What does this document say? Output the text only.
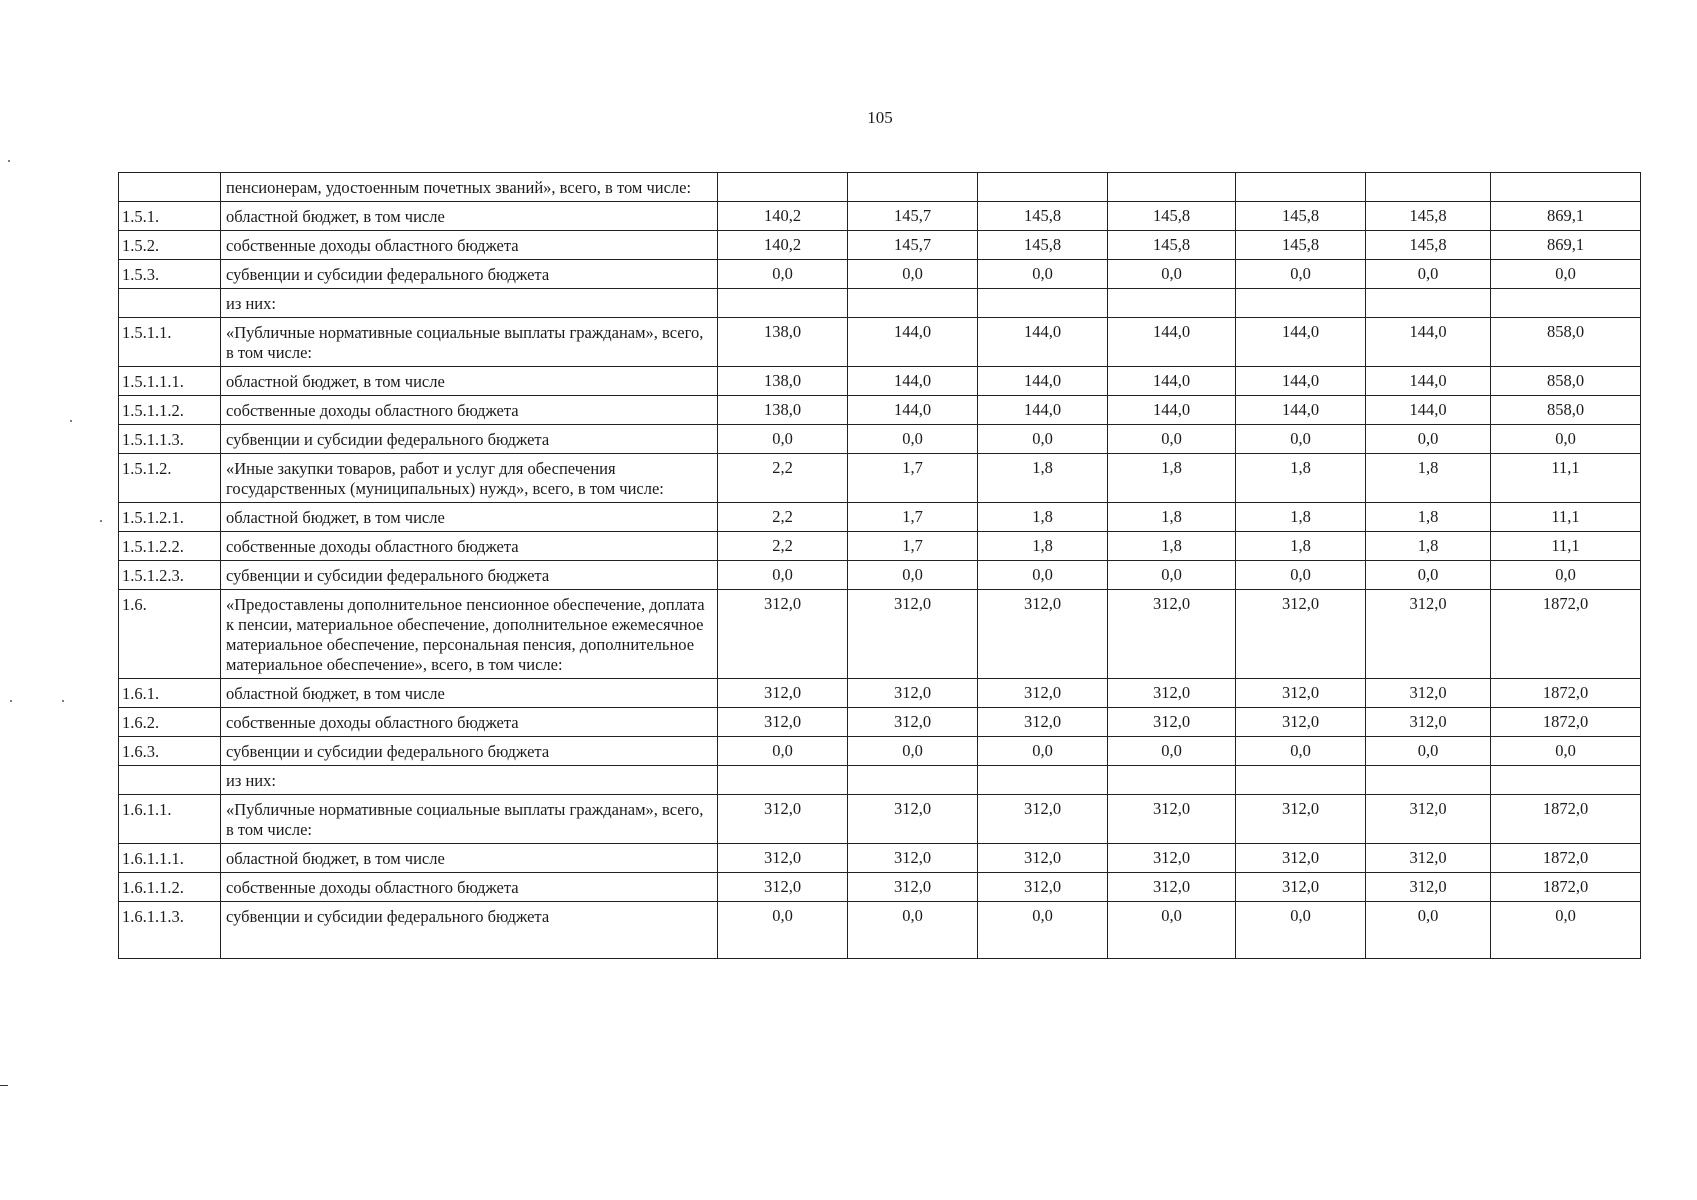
105
	пенсионерам, удостоенным почетных званий», всего, в том числе:							
1.5.1.	областной бюджет, в том числе	140,2	145,7	145,8	145,8	145,8	145,8	869,1
1.5.2.	собственные доходы областного бюджета	140,2	145,7	145,8	145,8	145,8	145,8	869,1
1.5.3.	субвенции и субсидии федерального бюджета	0,0	0,0	0,0	0,0	0,0	0,0	0,0
	из них:							
1.5.1.1.	«Публичные нормативные социальные выплаты гражданам», всего, в том числе:	138,0	144,0	144,0	144,0	144,0	144,0	858,0
1.5.1.1.1.	областной бюджет, в том числе	138,0	144,0	144,0	144,0	144,0	144,0	858,0
1.5.1.1.2.	собственные доходы областного бюджета	138,0	144,0	144,0	144,0	144,0	144,0	858,0
1.5.1.1.3.	субвенции и субсидии федерального бюджета	0,0	0,0	0,0	0,0	0,0	0,0	0,0
1.5.1.2.	«Иные закупки товаров, работ и услуг для обеспечения государственных (муниципальных) нужд», всего, в том числе:	2,2	1,7	1,8	1,8	1,8	1,8	11,1
1.5.1.2.1.	областной бюджет, в том числе	2,2	1,7	1,8	1,8	1,8	1,8	11,1
1.5.1.2.2.	собственные доходы областного бюджета	2,2	1,7	1,8	1,8	1,8	1,8	11,1
1.5.1.2.3.	субвенции и субсидии федерального бюджета	0,0	0,0	0,0	0,0	0,0	0,0	0,0
1.6.	«Предоставлены дополнительное пенсионное обеспечение, доплата к пенсии, материальное обеспечение, дополнительное ежемесячное материальное обеспечение, персональная пенсия, дополнительное материальное обеспечение», всего, в том числе:	312,0	312,0	312,0	312,0	312,0	312,0	1872,0
1.6.1.	областной бюджет, в том числе	312,0	312,0	312,0	312,0	312,0	312,0	1872,0
1.6.2.	собственные доходы областного бюджета	312,0	312,0	312,0	312,0	312,0	312,0	1872,0
1.6.3.	субвенции и субсидии федерального бюджета	0,0	0,0	0,0	0,0	0,0	0,0	0,0
	из них:							
1.6.1.1.	«Публичные нормативные социальные выплаты гражданам», всего, в том числе:	312,0	312,0	312,0	312,0	312,0	312,0	1872,0
1.6.1.1.1.	областной бюджет, в том числе	312,0	312,0	312,0	312,0	312,0	312,0	1872,0
1.6.1.1.2.	собственные доходы областного бюджета	312,0	312,0	312,0	312,0	312,0	312,0	1872,0
1.6.1.1.3.	субвенции и субсидии федерального бюджета	0,0	0,0	0,0	0,0	0,0	0,0	0,0
